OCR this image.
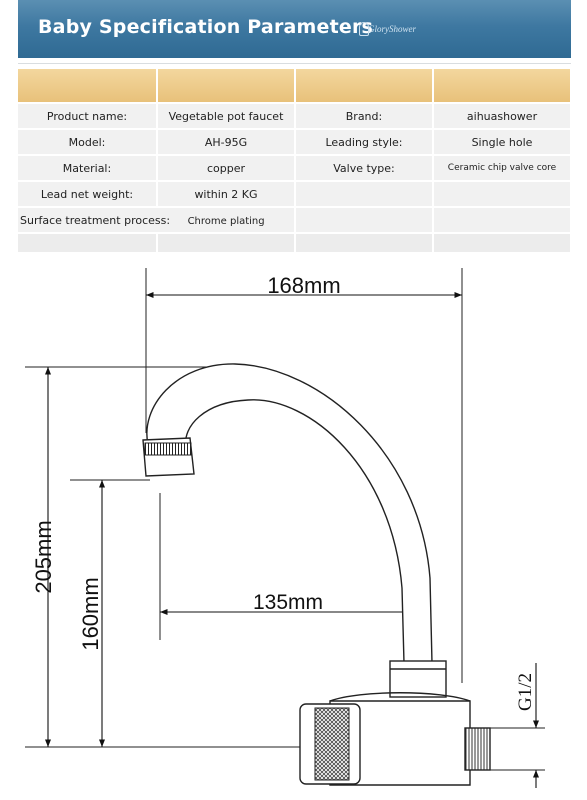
Baby Specification Parameters
GloryShower

Product name:	Vegetable pot faucet	Brand:	aihuashower
Model:	AH-95G	Leading style:	Single hole
Material:	copper	Valve type:	Ceramic chip valve core
Lead net weight:	within 2 KG		
Surface treatment process: Chrome plating			

168mm
135mm
205mm
160mm
G1/2
